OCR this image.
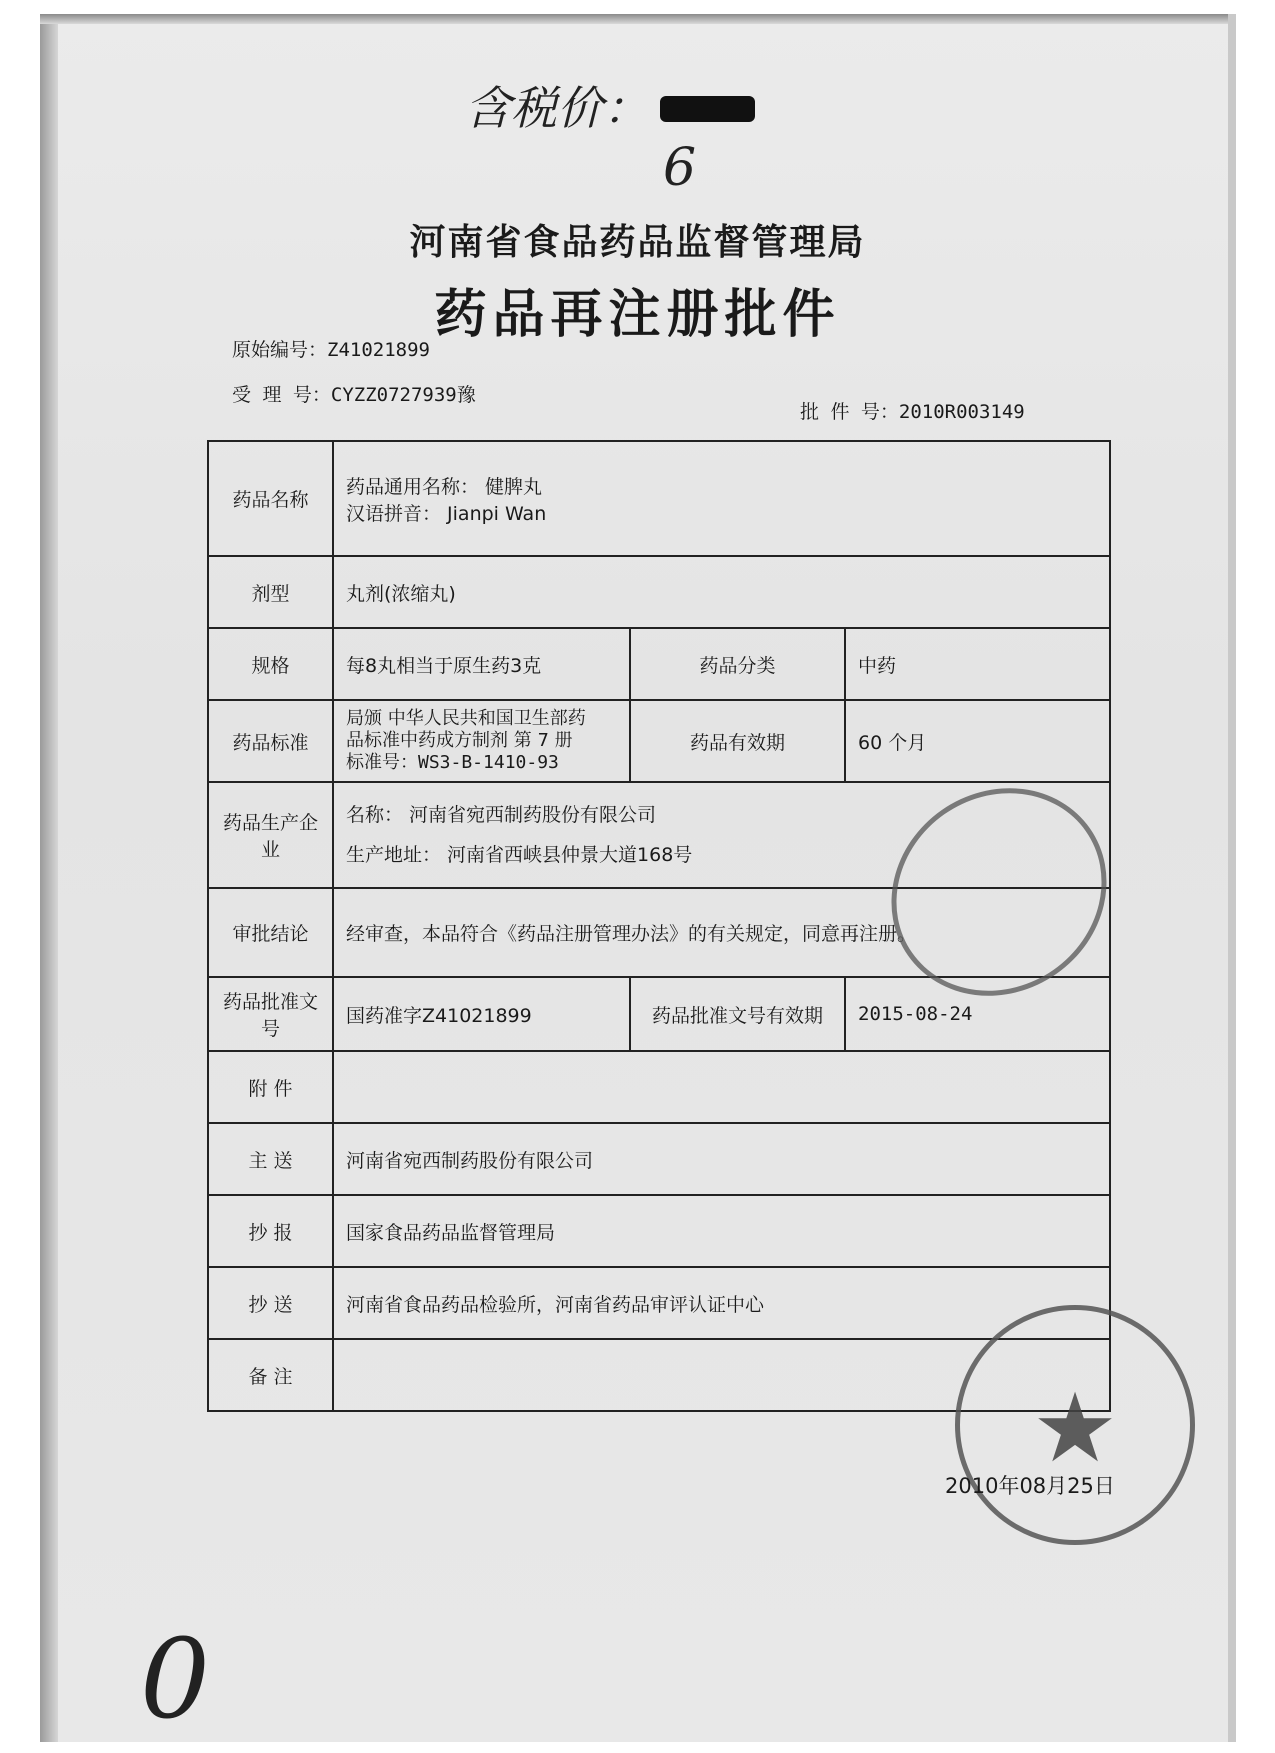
含税价：
6
河南省食品药品监督管理局
药品再注册批件
原始编号：Z41021899
受 理 号：CYZZ0727939豫
批 件 号：2010R003149
药品名称	药品通用名称： 健脾丸
汉语拼音： Jianpi Wan		

剂型	丸剂(浓缩丸)		
规格	每8丸相当于原生药3克	药品分类	中药
药品标准	局颁 中华人民共和国卫生部药
品标准中药成方制剂 第 7 册
标准号：WS3-B-1410-93	药品有效期	60 个月
药品生产企业	名称： 河南省宛西制药股份有限公司
生产地址： 河南省西峡县仲景大道168号		

审批结论	经审查，本品符合《药品注册管理办法》的有关规定，同意再注册。		
药品批准文号	国药准字Z41021899	药品批准文号有效期	2015-08-24
附 件			
主 送	河南省宛西制药股份有限公司		
抄 报	国家食品药品监督管理局		
抄 送	河南省食品药品检验所，河南省药品审评认证中心		
备 注				★
2010年08月25日
0
